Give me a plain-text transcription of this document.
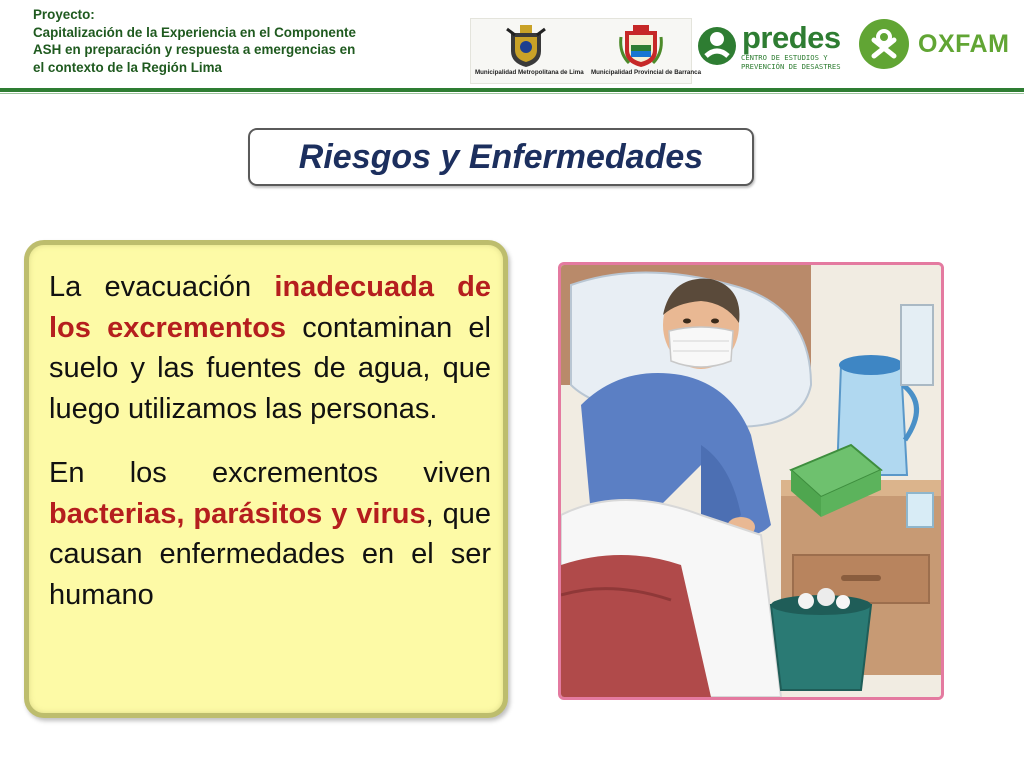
Proyecto:
Capitalización de la Experiencia en el Componente
ASH en preparación y respuesta a emergencias en
el contexto de la Región Lima	Municipalidad Metropolitana de Lima Municipalidad Provincial de Barranca
predes
CENTRO DE ESTUDIOS Y
PREVENCIÓN DE DESASTRES
OXFAM
Riesgos y Enfermedades

La evacuación inadecuada de los excrementos contaminan el suelo y las fuentes de agua, que luego utilizamos las personas.

En los excrementos viven bacterias, parásitos y virus, que causan enfermedades en el ser humano
